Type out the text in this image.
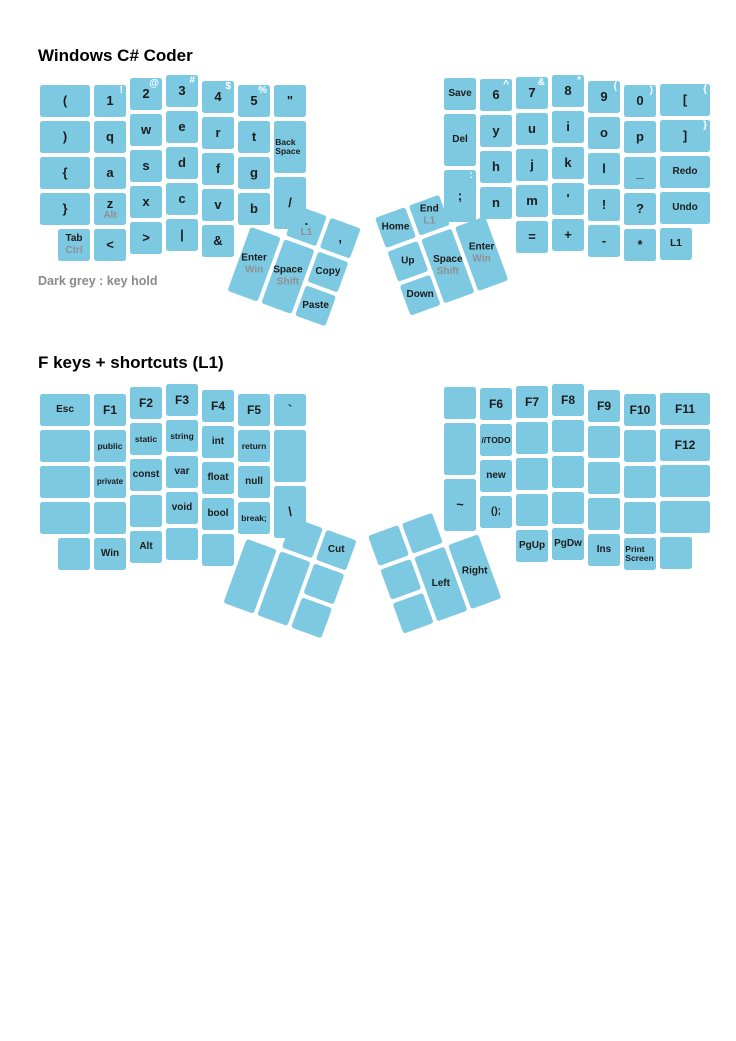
Windows C# Coder
(
)
{
}
Tab
Ctrl
!
1
q
a
z
Alt
<
@
2
w
s
x
>
#
3
e
d
c
|
$
4
r
f
v
&
%
5
t
g
b
"
Back Space
/
Save
Del
:
;
^
6
y
h
n
&
7
u
j
m
=
*
8
i
k
'
+
(
9
o
l
!
-
)
0
p
_
?
*
{
[
}
]
Redo
Undo
L1
.
L1 ,
Enter
Win Space
Shift
Copy
Paste
Home
End
L1
Up Space
Shift
Enter
Win
Down
Dark grey : key hold
F keys + shortcuts (L1)
Esc F1
public
private
Win
F2
static
const
Alt
F3
string
var
void
F4
int
float
bool
F5
return
null
break;
`
\	~
F6
//TODO
new
();
F7
PgUp
F8
PgDw
F9
Ins
F10
Print Screen
F11
F12
Cut
Left
Right
